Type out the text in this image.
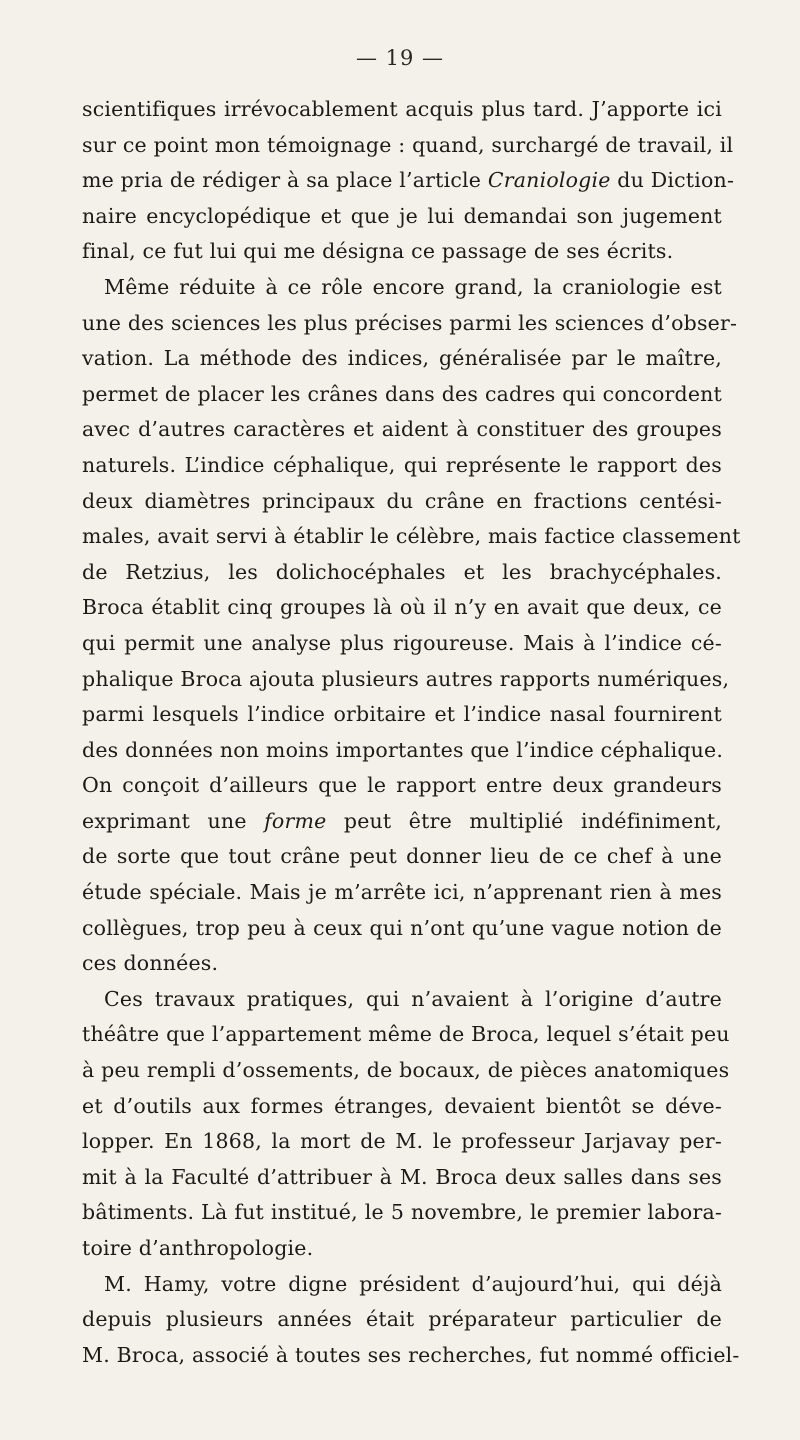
— 19 —
scientifiques irrévocablement acquis plus tard. J’apporte ici
sur ce point mon témoignage : quand, surchargé de travail, il
me pria de rédiger à sa place l’article Craniologie du Diction-
naire encyclopédique et que je lui demandai son jugement
final, ce fut lui qui me désigna ce passage de ses écrits.
Même réduite à ce rôle encore grand, la craniologie est
une des sciences les plus précises parmi les sciences d’obser-
vation. La méthode des indices, généralisée par le maître,
permet de placer les crânes dans des cadres qui concordent
avec d’autres caractères et aident à constituer des groupes
naturels. L’indice céphalique, qui représente le rapport des
deux diamètres principaux du crâne en fractions centési-
males, avait servi à établir le célèbre, mais factice classement
de Retzius, les dolichocéphales et les brachycéphales.
Broca établit cinq groupes là où il n’y en avait que deux, ce
qui permit une analyse plus rigoureuse. Mais à l’indice cé-
phalique Broca ajouta plusieurs autres rapports numériques,
parmi lesquels l’indice orbitaire et l’indice nasal fournirent
des données non moins importantes que l’indice céphalique.
On conçoit d’ailleurs que le rapport entre deux grandeurs
exprimant une forme peut être multiplié indéfiniment,
de sorte que tout crâne peut donner lieu de ce chef à une
étude spéciale. Mais je m’arrête ici, n’apprenant rien à mes
collègues, trop peu à ceux qui n’ont qu’une vague notion de
ces données.
Ces travaux pratiques, qui n’avaient à l’origine d’autre
théâtre que l’appartement même de Broca, lequel s’était peu
à peu rempli d’ossements, de bocaux, de pièces anatomiques
et d’outils aux formes étranges, devaient bientôt se déve-
lopper. En 1868, la mort de M. le professeur Jarjavay per-
mit à la Faculté d’attribuer à M. Broca deux salles dans ses
bâtiments. Là fut institué, le 5 novembre, le premier labora-
toire d’anthropologie.
M. Hamy, votre digne président d’aujourd’hui, qui déjà
depuis plusieurs années était préparateur particulier de
M. Broca, associé à toutes ses recherches, fut nommé officiel-
